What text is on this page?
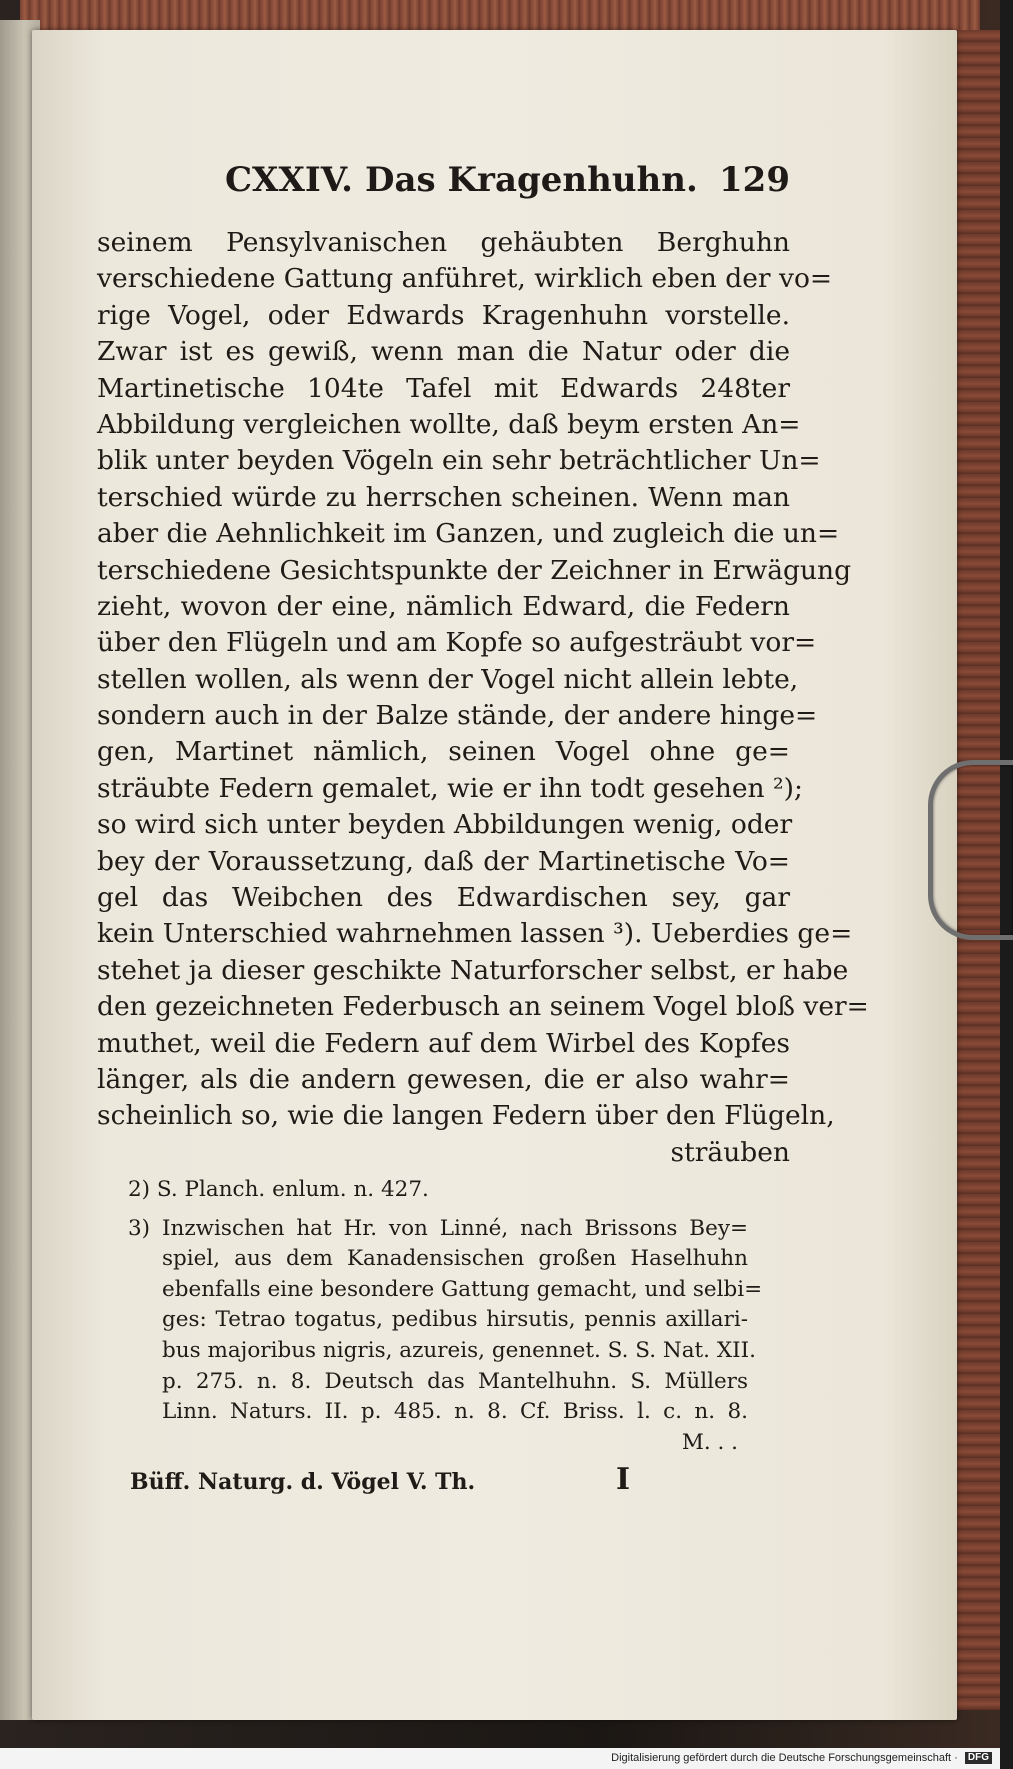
CXXIV. Das Kragenhuhn. 129
seinem Pensylvanischen gehäubten Berghuhn
verschiedene Gattung anführet, wirklich eben der vo=
rige Vogel, oder Edwards Kragenhuhn vorstelle.
Zwar ist es gewiß, wenn man die Natur oder die
Martinetische 104te Tafel mit Edwards 248ter
Abbildung vergleichen wollte, daß beym ersten An=
blik unter beyden Vögeln ein sehr beträchtlicher Un=
terschied würde zu herrschen scheinen. Wenn man
aber die Aehnlichkeit im Ganzen, und zugleich die un=
terschiedene Gesichtspunkte der Zeichner in Erwägung
zieht, wovon der eine, nämlich Edward, die Federn
über den Flügeln und am Kopfe so aufgesträubt vor=
stellen wollen, als wenn der Vogel nicht allein lebte,
sondern auch in der Balze stände, der andere hinge=
gen, Martinet nämlich, seinen Vogel ohne ge=
sträubte Federn gemalet, wie er ihn todt gesehen ²);
so wird sich unter beyden Abbildungen wenig, oder
bey der Voraussetzung, daß der Martinetische Vo=
gel das Weibchen des Edwardischen sey, gar
kein Unterschied wahrnehmen lassen ³). Ueberdies ge=
stehet ja dieser geschikte Naturforscher selbst, er habe
den gezeichneten Federbusch an seinem Vogel bloß ver=
muthet, weil die Federn auf dem Wirbel des Kopfes
länger, als die andern gewesen, die er also wahr=
scheinlich so, wie die langen Federn über den Flügeln,
sträuben
2) S. Planch. enlum. n. 427.
3) Inzwischen hat Hr. von Linné, nach Brissons Bey=
spiel, aus dem Kanadensischen großen Haselhuhn
ebenfalls eine besondere Gattung gemacht, und selbi=
ges: Tetrao togatus, pedibus hirsutis, pennis axillari-
bus majoribus nigris, azureis, genennet. S. S. Nat. XII.
p. 275. n. 8. Deutsch das Mantelhuhn. S. Müllers
Linn. Naturs. II. p. 485. n. 8. Cf. Briss. l. c. n. 8.
M. . .
Büff. Naturg. d. Vögel V. Th.	I
Digitalisierung gefördert durch die Deutsche Forschungsgemeinschaft · DFG
